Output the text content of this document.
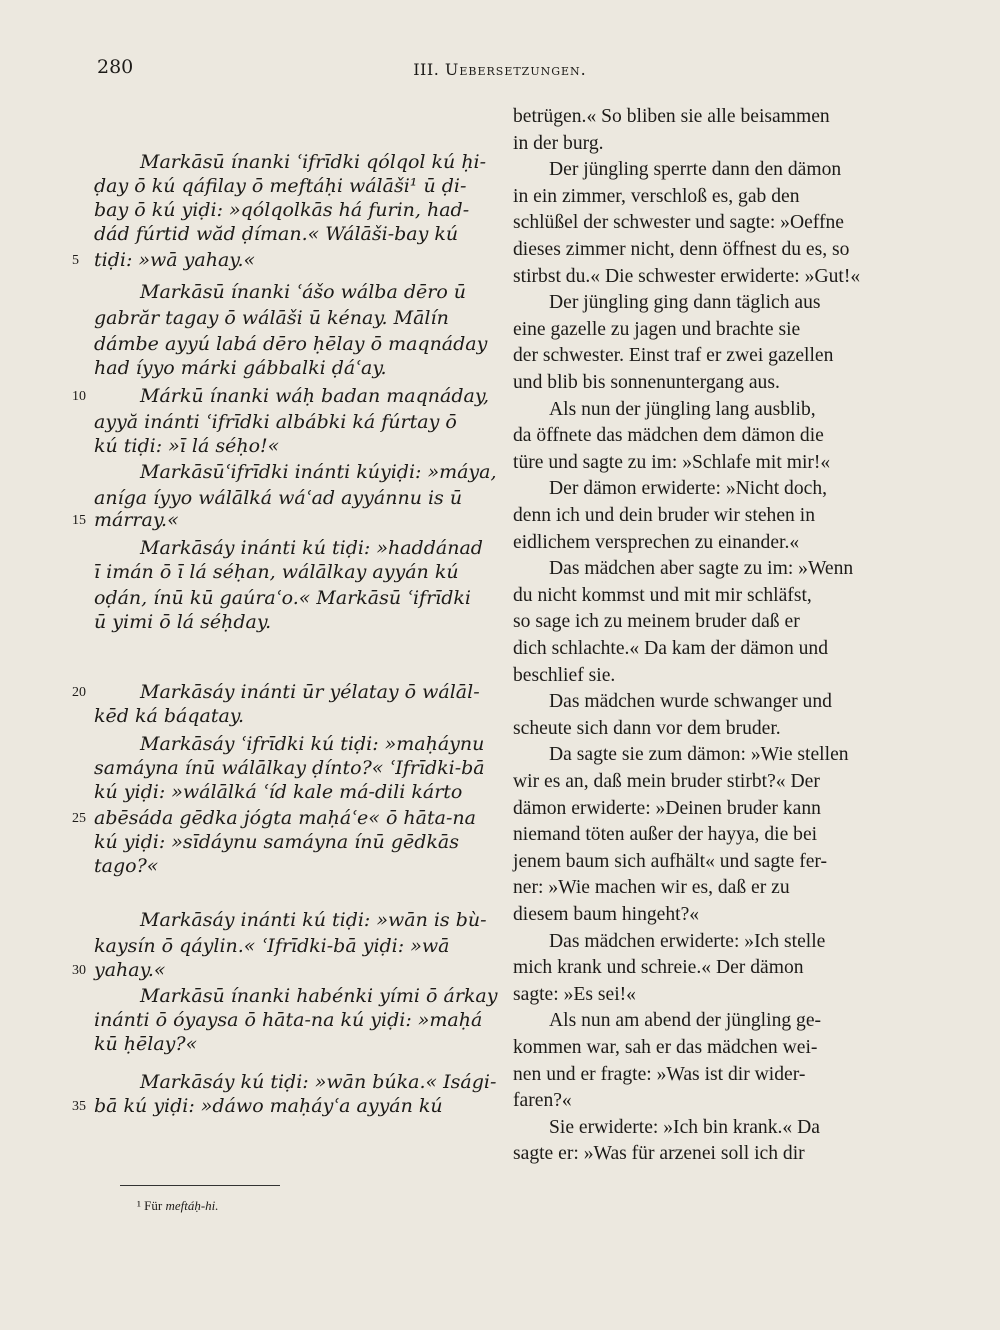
280	III. Uebersetzungen.
Markāsū ínanki ʿifrīdki qólqol kú ḥi-
ḍay ō kú qáfilay ō meftáḥi wálāši¹ ū ḍi-
bay ō kú yiḍi: »qólqolkās há furin, had-
dád fúrtid wăd ḍíman.« Wálāši-bay kú
5 tiḍi: »wā yahay.«
Markāsū ínanki ʿášo wálba dēro ū
gabrăr tagay ō wálāši ū kénay. Mālín
dámbe ayyú labá dēro ḥēlay ō maqnáday
had íyyo márki gábbalki ḍáʿay.
10	Márkū ínanki wáḥ badan maqnáday,
ayyă inánti ʿifrīdki albábki ká fúrtay ō
kú tiḍi: »ī lá séḥo!«
Markāsūʿifrīdki inánti kúyiḍi: »máya,
aníga íyyo wálālká wáʿad ayyánnu is ū
15 márray.«
Markāsáy inánti kú tiḍi: »haddánad
ī imán ō ī lá séḥan, wálālkay ayyán kú
oḍán, ínū kū gaúraʿo.« Markāsū ʿifrīdki
ū yimi ō lá séḥday.
20	Markāsáy inánti ūr yélatay ō wálāl-
kēd ká báqatay.
Markāsáy ʿifrīdki kú tiḍi: »maḥáynu
samáyna ínū wálālkay ḍínto?« ʿIfrīdki-bā
kú yiḍi: »wálālká ʿíd kale má-dili kárto
25 abēsáda gēdka jógta maḥáʿe« ō hāta-na
kú yiḍi: »sīdáynu samáyna ínū gēdkās
tago?«
Markāsáy inánti kú tiḍi: »wān is bù-
kaysín ō qáylin.« ʿIfrīdki-bā yiḍi: »wā
30 yahay.«
Markāsū ínanki habénki yími ō árkay
inánti ō óyaysa ō hāta-na kú yiḍi: »maḥá
kū ḥēlay?«
Markāsáy kú tiḍi: »wān búka.« Isági-
35 bā kú yiḍi: »dáwo maḥáyʿa ayyán kú
betrügen.« So bliben sie alle beisammen
in der burg.
Der jüngling sperrte dann den dämon
in ein zimmer, verschloß es, gab den
schlüßel der schwester und sagte: »Oeffne
dieses zimmer nicht, denn öffnest du es, so
stirbst du.« Die schwester erwiderte: »Gut!«
Der jüngling ging dann täglich aus
eine gazelle zu jagen und brachte sie
der schwester. Einst traf er zwei gazellen
und blib bis sonnenuntergang aus.
Als nun der jüngling lang ausblib,
da öffnete das mädchen dem dämon die
türe und sagte zu im: »Schlafe mit mir!«
Der dämon erwiderte: »Nicht doch,
denn ich und dein bruder wir stehen in
eidlichem versprechen zu einander.«
Das mädchen aber sagte zu im: »Wenn
du nicht kommst und mit mir schläfst,
so sage ich zu meinem bruder daß er
dich schlachte.« Da kam der dämon und
beschlief sie.
Das mädchen wurde schwanger und
scheute sich dann vor dem bruder.
Da sagte sie zum dämon: »Wie stellen
wir es an, daß mein bruder stirbt?« Der
dämon erwiderte: »Deinen bruder kann
niemand töten außer der hayya, die bei
jenem baum sich aufhält« und sagte fer-
ner: »Wie machen wir es, daß er zu
diesem baum hingeht?«
Das mädchen erwiderte: »Ich stelle
mich krank und schreie.« Der dämon
sagte: »Es sei!«
Als nun am abend der jüngling ge-
kommen war, sah er das mädchen wei-
nen und er fragte: »Was ist dir wider-
faren?«
Sie erwiderte: »Ich bin krank.« Da
sagte er: »Was für arzenei soll ich dir
¹ Für meftáḥ-hi.
